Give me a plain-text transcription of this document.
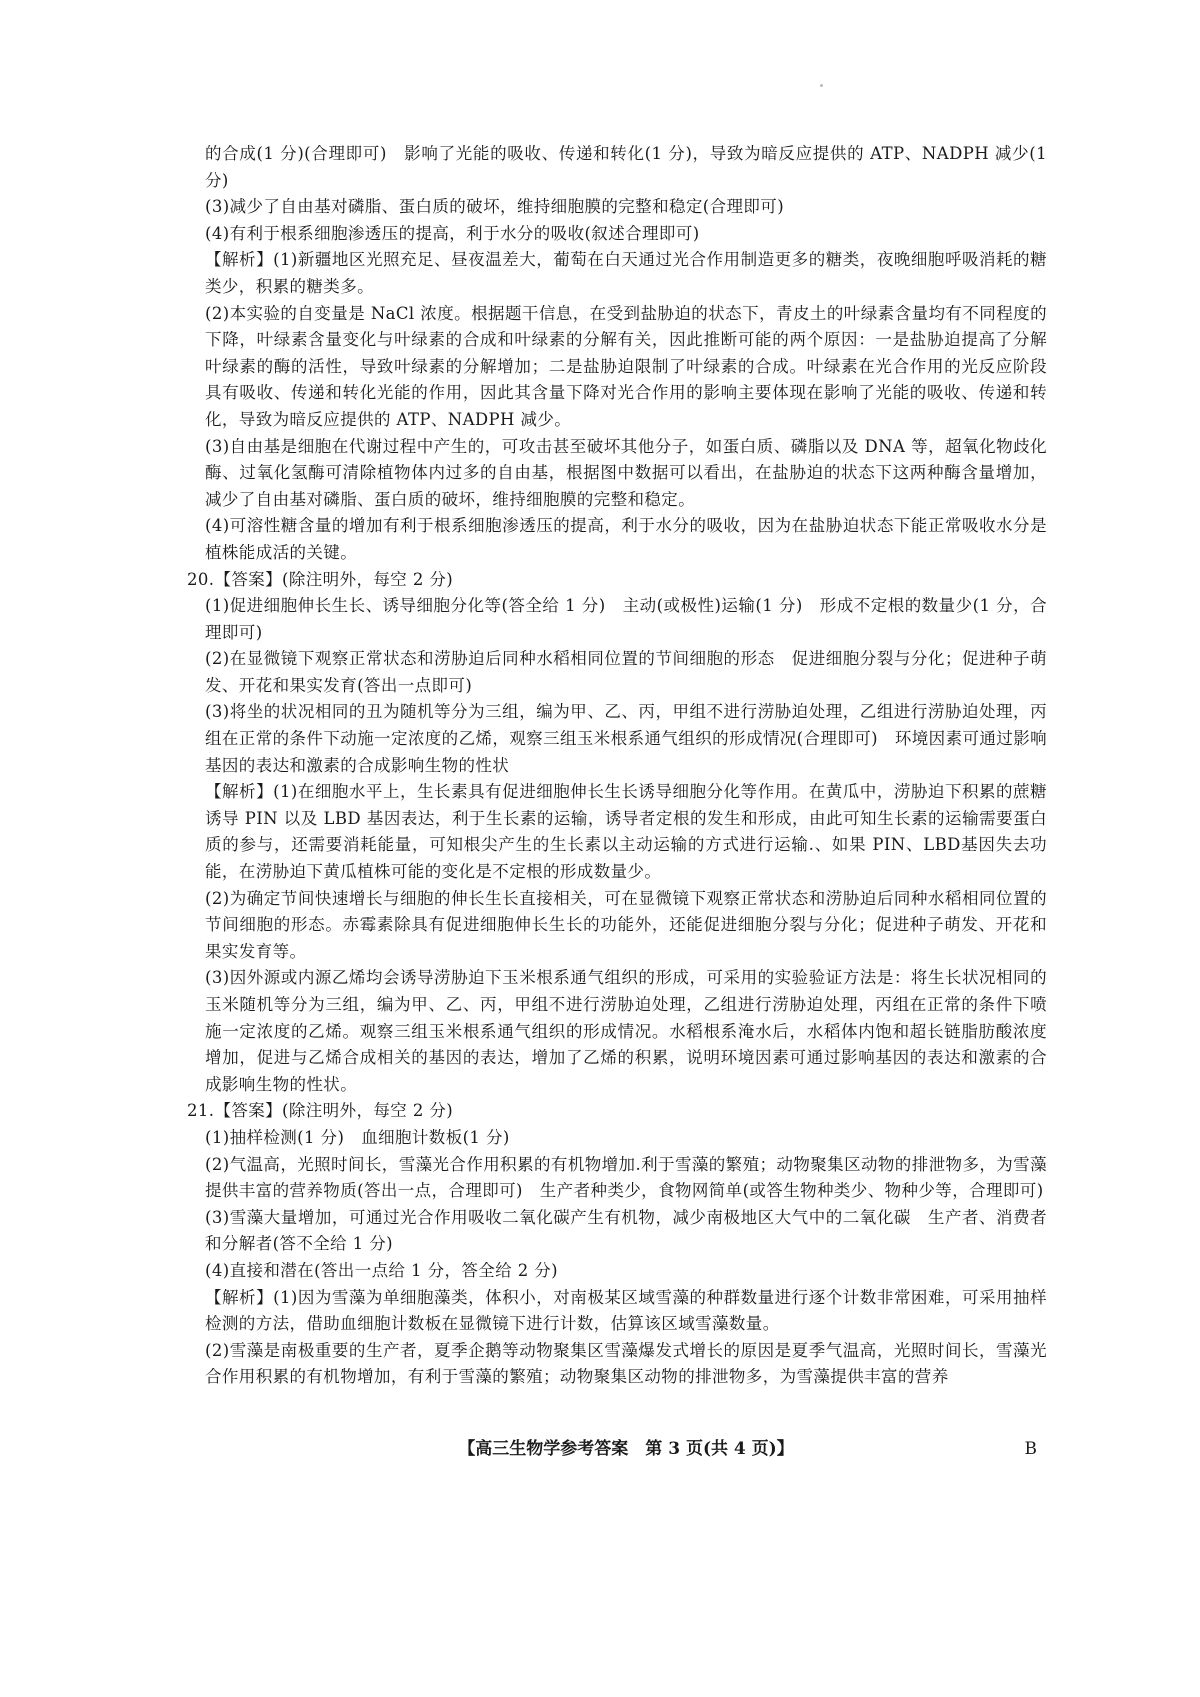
的合成(1 分)(合理即可)　影响了光能的吸收、传递和转化(1 分)，导致为暗反应提供的 ATP、NADPH 减少(1 分)

(3)减少了自由基对磷脂、蛋白质的破坏，维持细胞膜的完整和稳定(合理即可)

(4)有利于根系细胞渗透压的提高，利于水分的吸收(叙述合理即可)

【解析】(1)新疆地区光照充足、昼夜温差大，葡萄在白天通过光合作用制造更多的糖类，夜晚细胞呼吸消耗的糖类少，积累的糖类多。

(2)本实验的自变量是 NaCl 浓度。根据题干信息，在受到盐胁迫的状态下，青皮土的叶绿素含量均有不同程度的下降，叶绿素含量变化与叶绿素的合成和叶绿素的分解有关，因此推断可能的两个原因：一是盐胁迫提高了分解叶绿素的酶的活性，导致叶绿素的分解增加；二是盐胁迫限制了叶绿素的合成。叶绿素在光合作用的光反应阶段具有吸收、传递和转化光能的作用，因此其含量下降对光合作用的影响主要体现在影响了光能的吸收、传递和转化，导致为暗反应提供的 ATP、NADPH 减少。

(3)自由基是细胞在代谢过程中产生的，可攻击甚至破坏其他分子，如蛋白质、磷脂以及 DNA 等，超氧化物歧化酶、过氧化氢酶可清除植物体内过多的自由基，根据图中数据可以看出，在盐胁迫的状态下这两种酶含量增加，减少了自由基对磷脂、蛋白质的破坏，维持细胞膜的完整和稳定。

(4)可溶性糖含量的增加有利于根系细胞渗透压的提高，利于水分的吸收，因为在盐胁迫状态下能正常吸收水分是植株能成活的关键。

20.【答案】(除注明外，每空 2 分)

(1)促进细胞伸长生长、诱导细胞分化等(答全给 1 分)　主动(或极性)运输(1 分)　形成不定根的数量少(1 分，合理即可)

(2)在显微镜下观察正常状态和涝胁迫后同种水稻相同位置的节间细胞的形态　促进细胞分裂与分化；促进种子萌发、开花和果实发育(答出一点即可)

(3)将坐的状况相同的丑为随机等分为三组，编为甲、乙、丙，甲组不进行涝胁迫处理，乙组进行涝胁迫处理，丙组在正常的条件下动施一定浓度的乙烯，观察三组玉米根系通气组织的形成情况(合理即可)　环境因素可通过影响基因的表达和激素的合成影响生物的性状

【解析】(1)在细胞水平上，生长素具有促进细胞伸长生长诱导细胞分化等作用。在黄瓜中，涝胁迫下积累的蔗糖诱导 PIN 以及 LBD 基因表达，利于生长素的运输，诱导者定根的发生和形成，由此可知生长素的运输需要蛋白质的参与，还需要消耗能量，可知根尖产生的生长素以主动运输的方式进行运输.、如果 PIN、LBD基因失去功能，在涝胁迫下黄瓜植株可能的变化是不定根的形成数量少。

(2)为确定节间快速增长与细胞的伸长生长直接相关，可在显微镜下观察正常状态和涝胁迫后同种水稻相同位置的节间细胞的形态。赤霉素除具有促进细胞伸长生长的功能外，还能促进细胞分裂与分化；促进种子萌发、开花和果实发育等。

(3)因外源或内源乙烯均会诱导涝胁迫下玉米根系通气组织的形成，可采用的实验验证方法是：将生长状况相同的玉米随机等分为三组，编为甲、乙、丙，甲组不进行涝胁迫处理，乙组进行涝胁迫处理，丙组在正常的条件下喷施一定浓度的乙烯。观察三组玉米根系通气组织的形成情况。水稻根系淹水后，水稻体内饱和超长链脂肪酸浓度增加，促进与乙烯合成相关的基因的表达，增加了乙烯的积累，说明环境因素可通过影响基因的表达和激素的合成影响生物的性状。

21.【答案】(除注明外，每空 2 分)

(1)抽样检测(1 分)　血细胞计数板(1 分)

(2)气温高，光照时间长，雪藻光合作用积累的有机物增加.利于雪藻的繁殖；动物聚集区动物的排泄物多，为雪藻提供丰富的营养物质(答出一点，合理即可)　生产者种类少，食物网简单(或答生物种类少、物种少等，合理即可)

(3)雪藻大量增加，可通过光合作用吸收二氧化碳产生有机物，减少南极地区大气中的二氧化碳　生产者、消费者和分解者(答不全给 1 分)

(4)直接和潜在(答出一点给 1 分，答全给 2 分)

【解析】(1)因为雪藻为单细胞藻类，体积小，对南极某区域雪藻的种群数量进行逐个计数非常困难，可采用抽样检测的方法，借助血细胞计数板在显微镜下进行计数，估算该区域雪藻数量。

(2)雪藻是南极重要的生产者，夏季企鹅等动物聚集区雪藻爆发式增长的原因是夏季气温高，光照时间长，雪藻光合作用积累的有机物增加，有利于雪藻的繁殖；动物聚集区动物的排泄物多，为雪藻提供丰富的营养

【高三生物学参考答案　第 3 页(共 4 页)】	B
